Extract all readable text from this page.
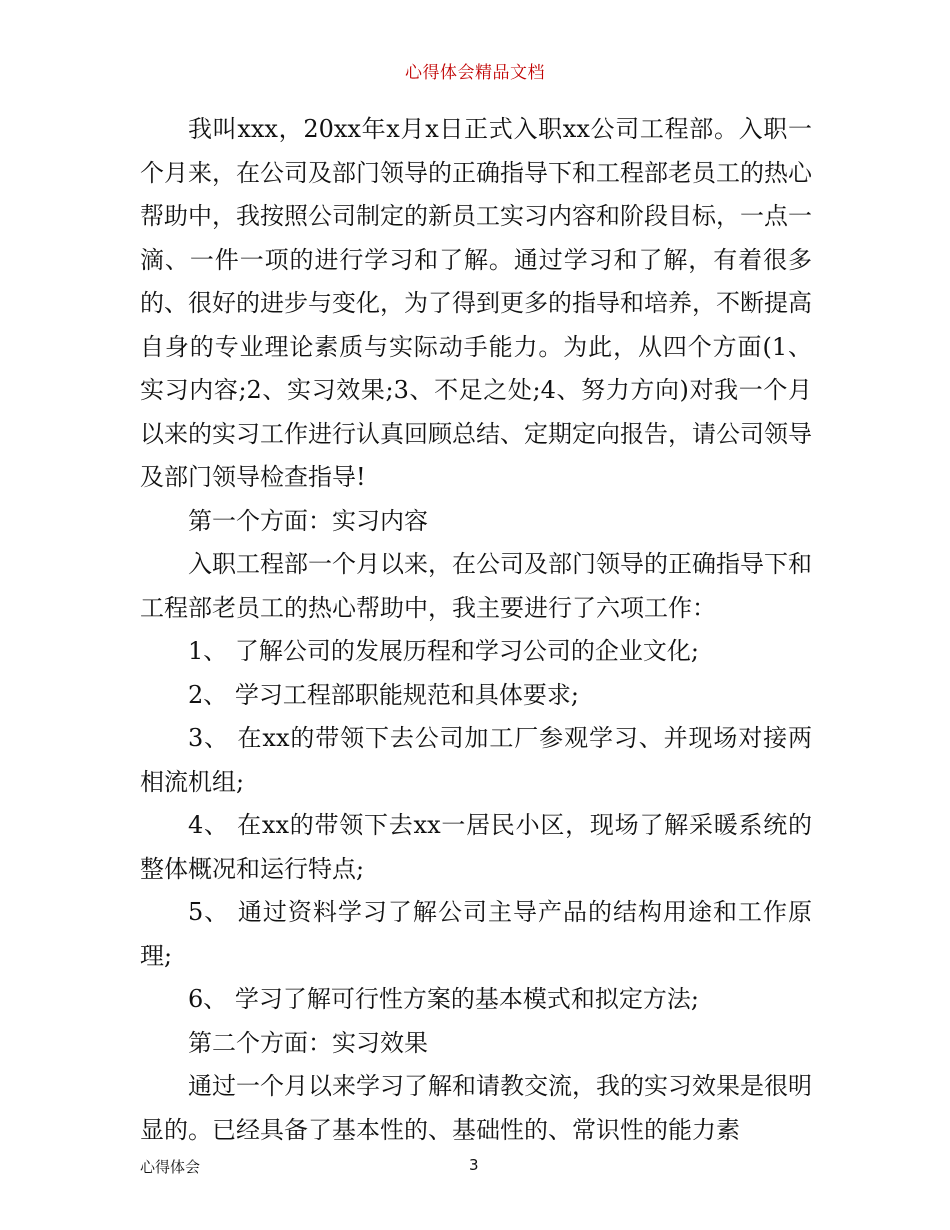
心得体会精品文档

我叫xxx，20xx年x月x日正式入职xx公司工程部。入职一个月来，在公司及部门领导的正确指导下和工程部老员工的热心帮助中，我按照公司制定的新员工实习内容和阶段目标，一点一滴、一件一项的进行学习和了解。通过学习和了解，有着很多的、很好的进步与变化，为了得到更多的指导和培养，不断提高自身的专业理论素质与实际动手能力。为此，从四个方面(1、实习内容;2、实习效果;3、不足之处;4、努力方向)对我一个月以来的实习工作进行认真回顾总结、定期定向报告，请公司领导及部门领导检查指导!

第一个方面：实习内容

入职工程部一个月以来，在公司及部门领导的正确指导下和工程部老员工的热心帮助中，我主要进行了六项工作：

1、 了解公司的发展历程和学习公司的企业文化;

2、 学习工程部职能规范和具体要求;

3、 在xx的带领下去公司加工厂参观学习、并现场对接两相流机组;

4、 在xx的带领下去xx一居民小区，现场了解采暖系统的整体概况和运行特点;

5、 通过资料学习了解公司主导产品的结构用途和工作原理;

6、 学习了解可行性方案的基本模式和拟定方法;

第二个方面：实习效果

通过一个月以来学习了解和请教交流，我的实习效果是很明显的。已经具备了基本性的、基础性的、常识性的能力素

心得体会	3
